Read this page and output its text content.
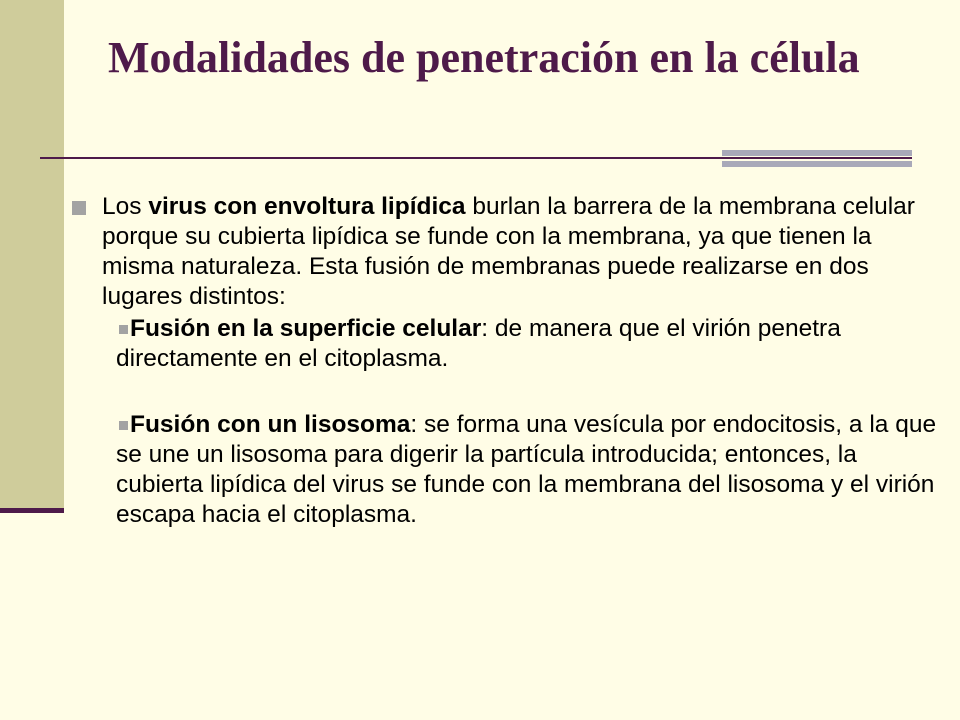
Modalidades de penetración en la célula

Los virus con envoltura lipídica burlan la barrera de la membrana celular porque su cubierta lipídica se funde con la membrana, ya que tienen la misma naturaleza. Esta fusión de membranas puede realizarse en dos lugares distintos:

Fusión en la superficie celular: de manera que el virión penetra directamente en el citoplasma.

Fusión con un lisosoma: se forma una vesícula por endocitosis, a la que se une un lisosoma para digerir la partícula introducida; entonces, la cubierta lipídica del virus se funde con la membrana del lisosoma y el virión escapa hacia el citoplasma.
